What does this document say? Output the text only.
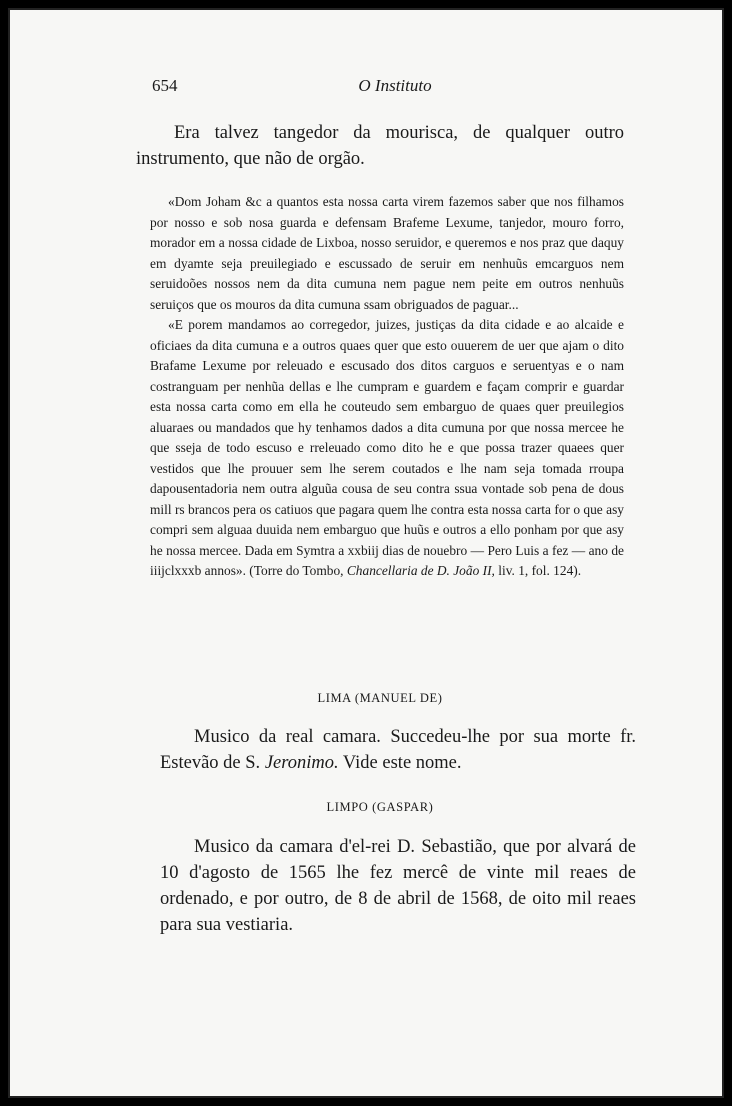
654	O Instituto
Era talvez tangedor da mourisca, de qualquer outro instrumento, que não de orgão.

«Dom Joham &c a quantos esta nossa carta virem fazemos saber que nos filhamos por nosso e sob nosa guarda e defensam Brafeme Lexume, tanjedor, mouro forro, morador em a nossa cidade de Lixboa, nosso seruidor, e queremos e nos praz que daquy em dyamte seja preuilegiado e escussado de seruir em nenhuũs emcarguos nem seruidoões nossos nem da dita cumuna nem pague nem peite em outros nenhuũs seruiços que os mouros da dita cumuna ssam obriguados de paguar...

«E porem mandamos ao corregedor, juizes, justiças da dita cidade e ao alcaide e oficiaes da dita cumuna e a outros quaes quer que esto ouuerem de uer que ajam o dito Brafame Lexume por releuado e escusado dos ditos carguos e seruentyas e o nam costranguam per nenhũa dellas e lhe cumpram e guardem e façam comprir e guardar esta nossa carta como em ella he couteudo sem embarguo de quaes quer preuilegios aluaraes ou mandados que hy tenhamos dados a dita cumuna por que nossa mercee he que sseja de todo escuso e rreleuado como dito he e que possa trazer quaees quer vestidos que lhe prouuer sem lhe serem coutados e lhe nam seja tomada rroupa dapousentadoria nem outra alguũa cousa de seu contra ssua vontade sob pena de dous mill rs brancos pera os catiuos que pagara quem lhe contra esta nossa carta for o que asy compri sem alguaa duuida nem embarguo que huũs e outros a ello ponham por que asy he nossa mercee. Dada em Symtra a xxbiij dias de nouebro — Pero Luis a fez — ano de iiijclxxxb annos». (Torre do Tombo, Chancellaria de D. João II, liv. 1, fol. 124).

LIMA (MANUEL DE)
Musico da real camara. Succedeu-lhe por sua morte fr. Estevão de S. Jeronimo. Vide este nome.
LIMPO (GASPAR)
Musico da camara d'el-rei D. Sebastião, que por alvará de 10 d'agosto de 1565 lhe fez mercê de vinte mil reaes de ordenado, e por outro, de 8 de abril de 1568, de oito mil reaes para sua vestiaria.
